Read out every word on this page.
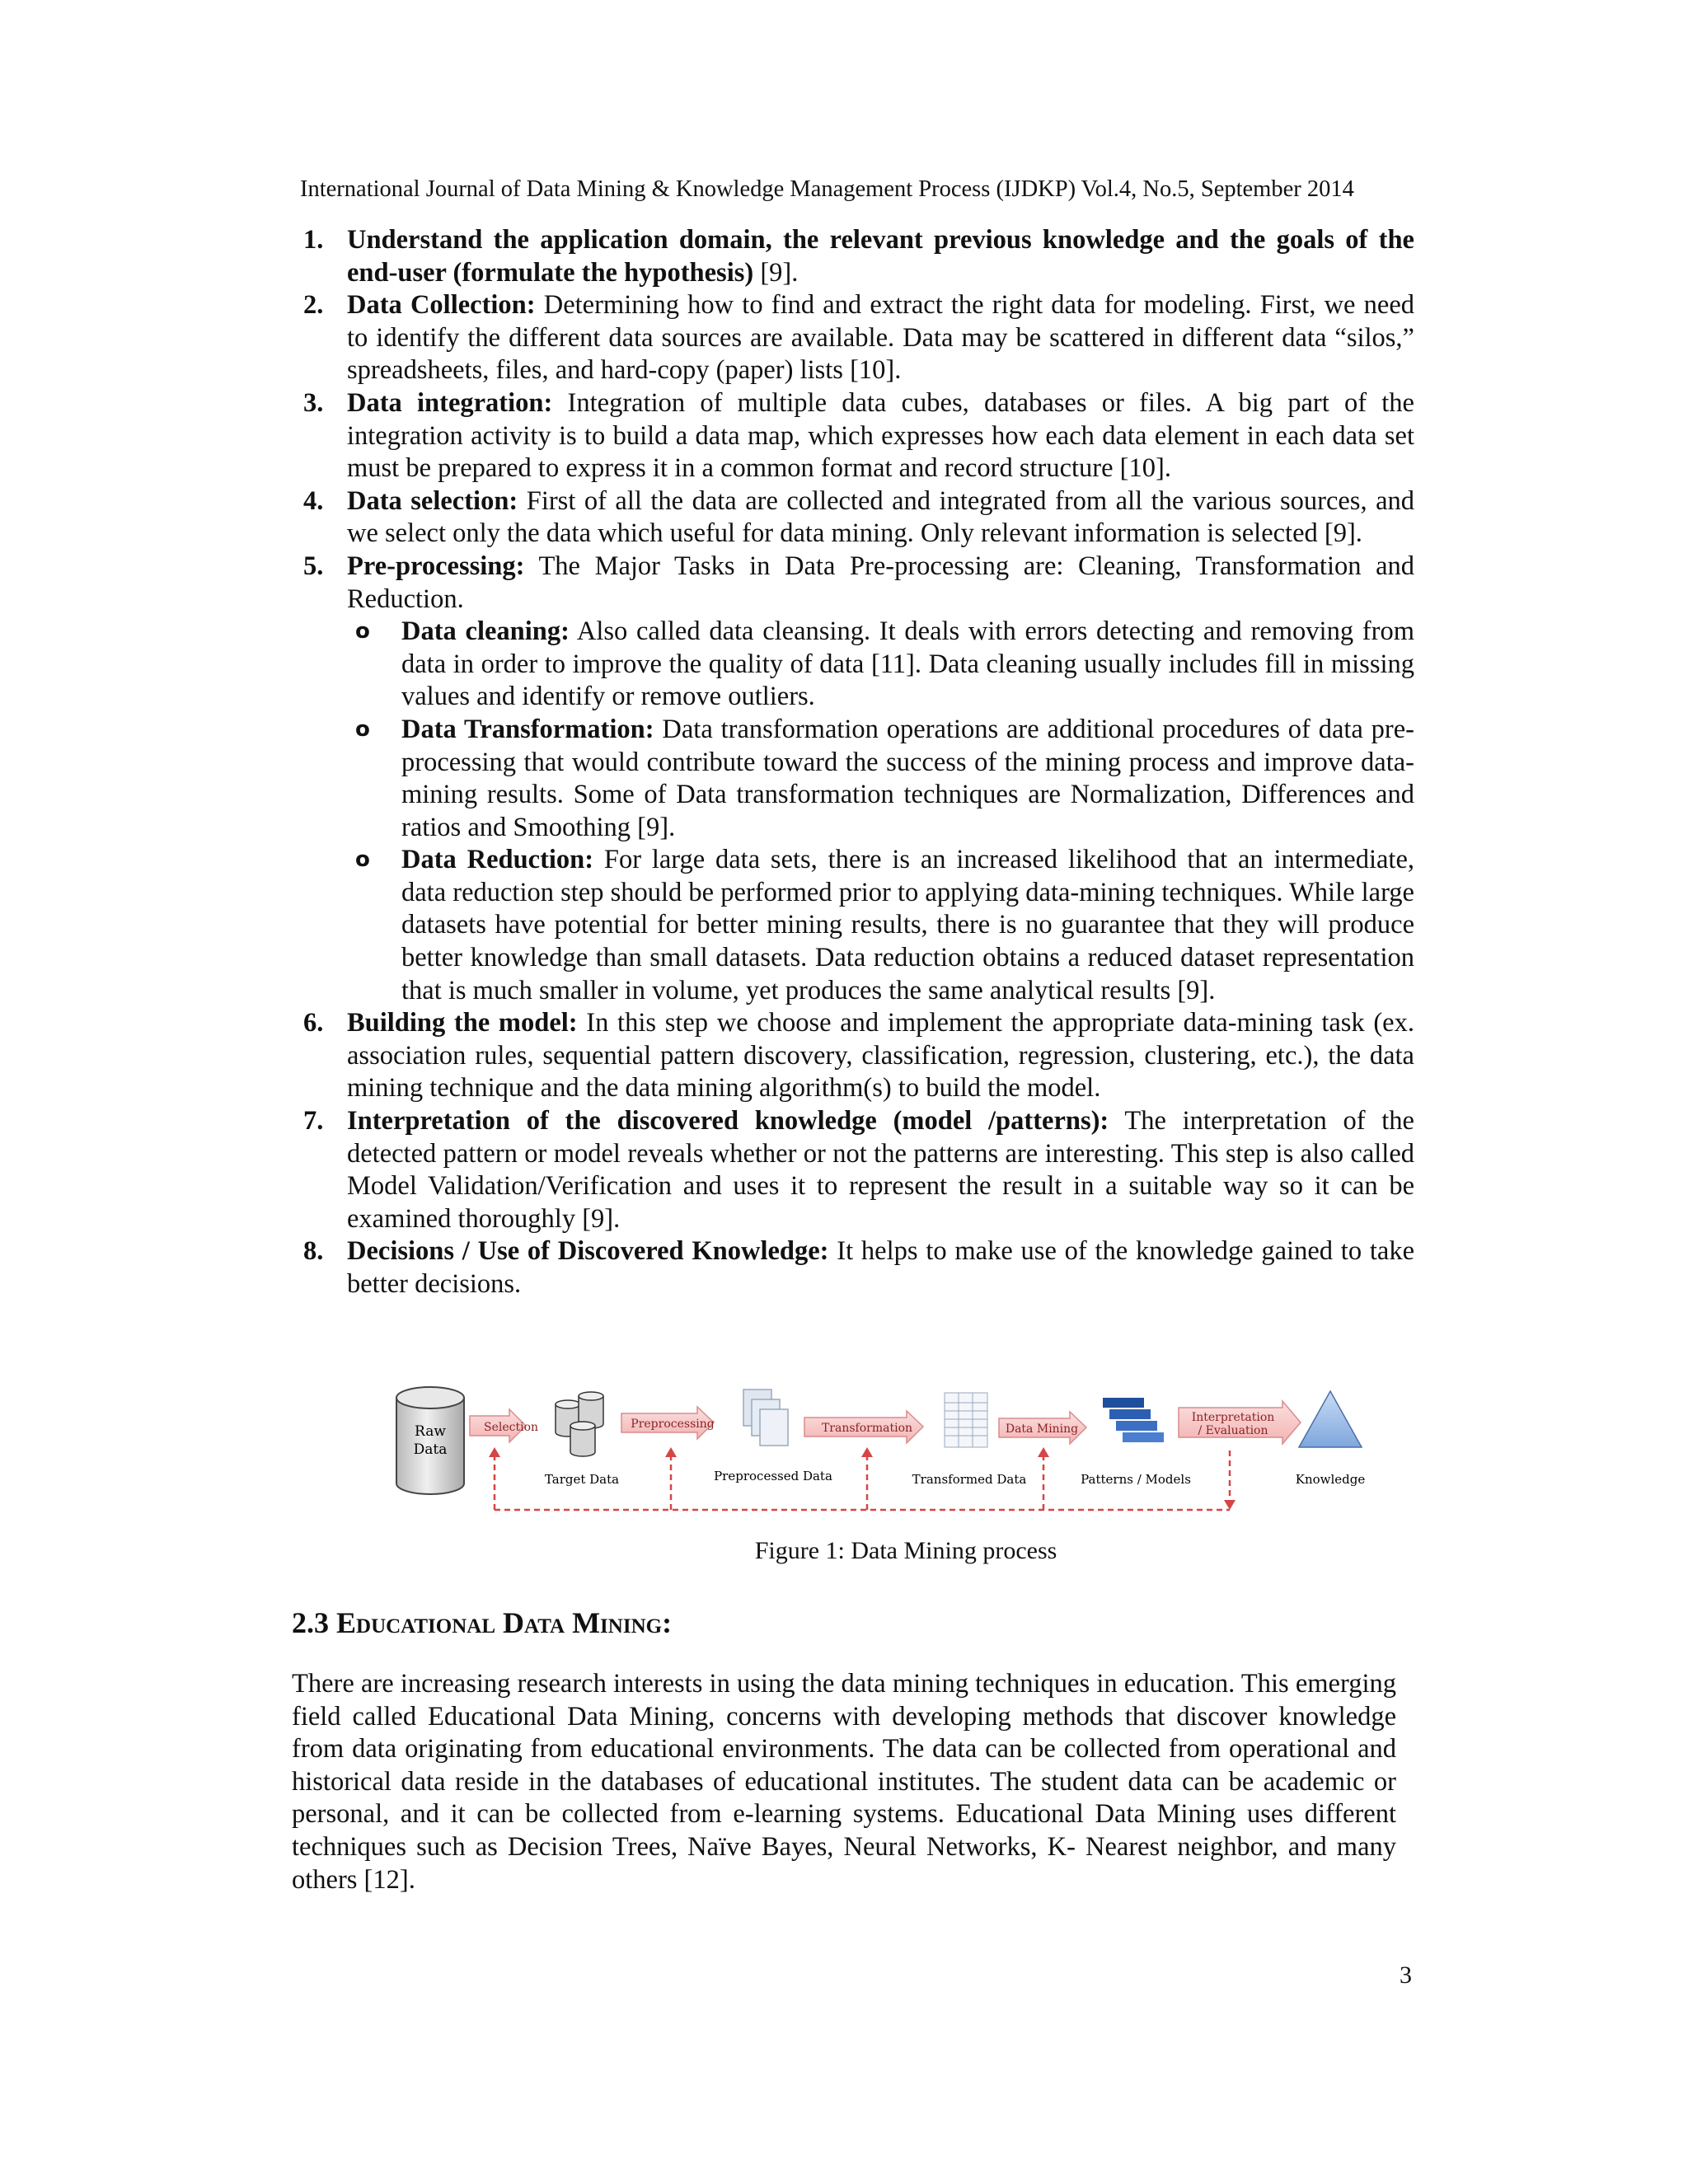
International Journal of Data Mining & Knowledge Management Process (IJDKP) Vol.4, No.5, September 2014
1. Understand the application domain, the relevant previous knowledge and the goals of the end-user (formulate the hypothesis) [9].
2. Data Collection: Determining how to find and extract the right data for modeling. First, we need to identify the different data sources are available. Data may be scattered in different data “silos,” spreadsheets, files, and hard-copy (paper) lists [10].
3. Data integration: Integration of multiple data cubes, databases or files. A big part of the integration activity is to build a data map, which expresses how each data element in each data set must be prepared to express it in a common format and record structure [10].
4. Data selection: First of all the data are collected and integrated from all the various sources, and we select only the data which useful for data mining. Only relevant information is selected [9].
5. Pre-processing: The Major Tasks in Data Pre-processing are: Cleaning, Transformation and Reduction.
o Data cleaning: Also called data cleansing. It deals with errors detecting and removing from data in order to improve the quality of data [11]. Data cleaning usually includes fill in missing values and identify or remove outliers.
o Data Transformation: Data transformation operations are additional procedures of data pre-processing that would contribute toward the success of the mining process and improve data-mining results. Some of Data transformation techniques are Normalization, Differences and ratios and Smoothing [9].
o Data Reduction: For large data sets, there is an increased likelihood that an intermediate, data reduction step should be performed prior to applying data-mining techniques. While large datasets have potential for better mining results, there is no guarantee that they will produce better knowledge than small datasets. Data reduction obtains a reduced dataset representation that is much smaller in volume, yet produces the same analytical results [9].
6. Building the model: In this step we choose and implement the appropriate data-mining task (ex. association rules, sequential pattern discovery, classification, regression, clustering, etc.), the data mining technique and the data mining algorithm(s) to build the model.
7. Interpretation of the discovered knowledge (model /patterns): The interpretation of the detected pattern or model reveals whether or not the patterns are interesting. This step is also called Model Validation/Verification and uses it to represent the result in a suitable way so it can be examined thoroughly [9].
8. Decisions / Use of Discovered Knowledge: It helps to make use of the knowledge gained to take better decisions.
Raw
Data
Selection
Target Data
Preprocessing
Preprocessed Data
Transformation
Transformed Data
Data Mining
Patterns / Models
Interpretation
/ Evaluation
Knowledge
Figure 1: Data Mining process
2.3 Educational Data Mining:

There are increasing research interests in using the data mining techniques in education. This emerging field called Educational Data Mining, concerns with developing methods that discover knowledge from data originating from educational environments. The data can be collected from operational and historical data reside in the databases of educational institutes. The student data can be academic or personal, and it can be collected from e-learning systems. Educational Data Mining uses different techniques such as Decision Trees, Naïve Bayes, Neural Networks, K- Nearest neighbor, and many others [12].

3
